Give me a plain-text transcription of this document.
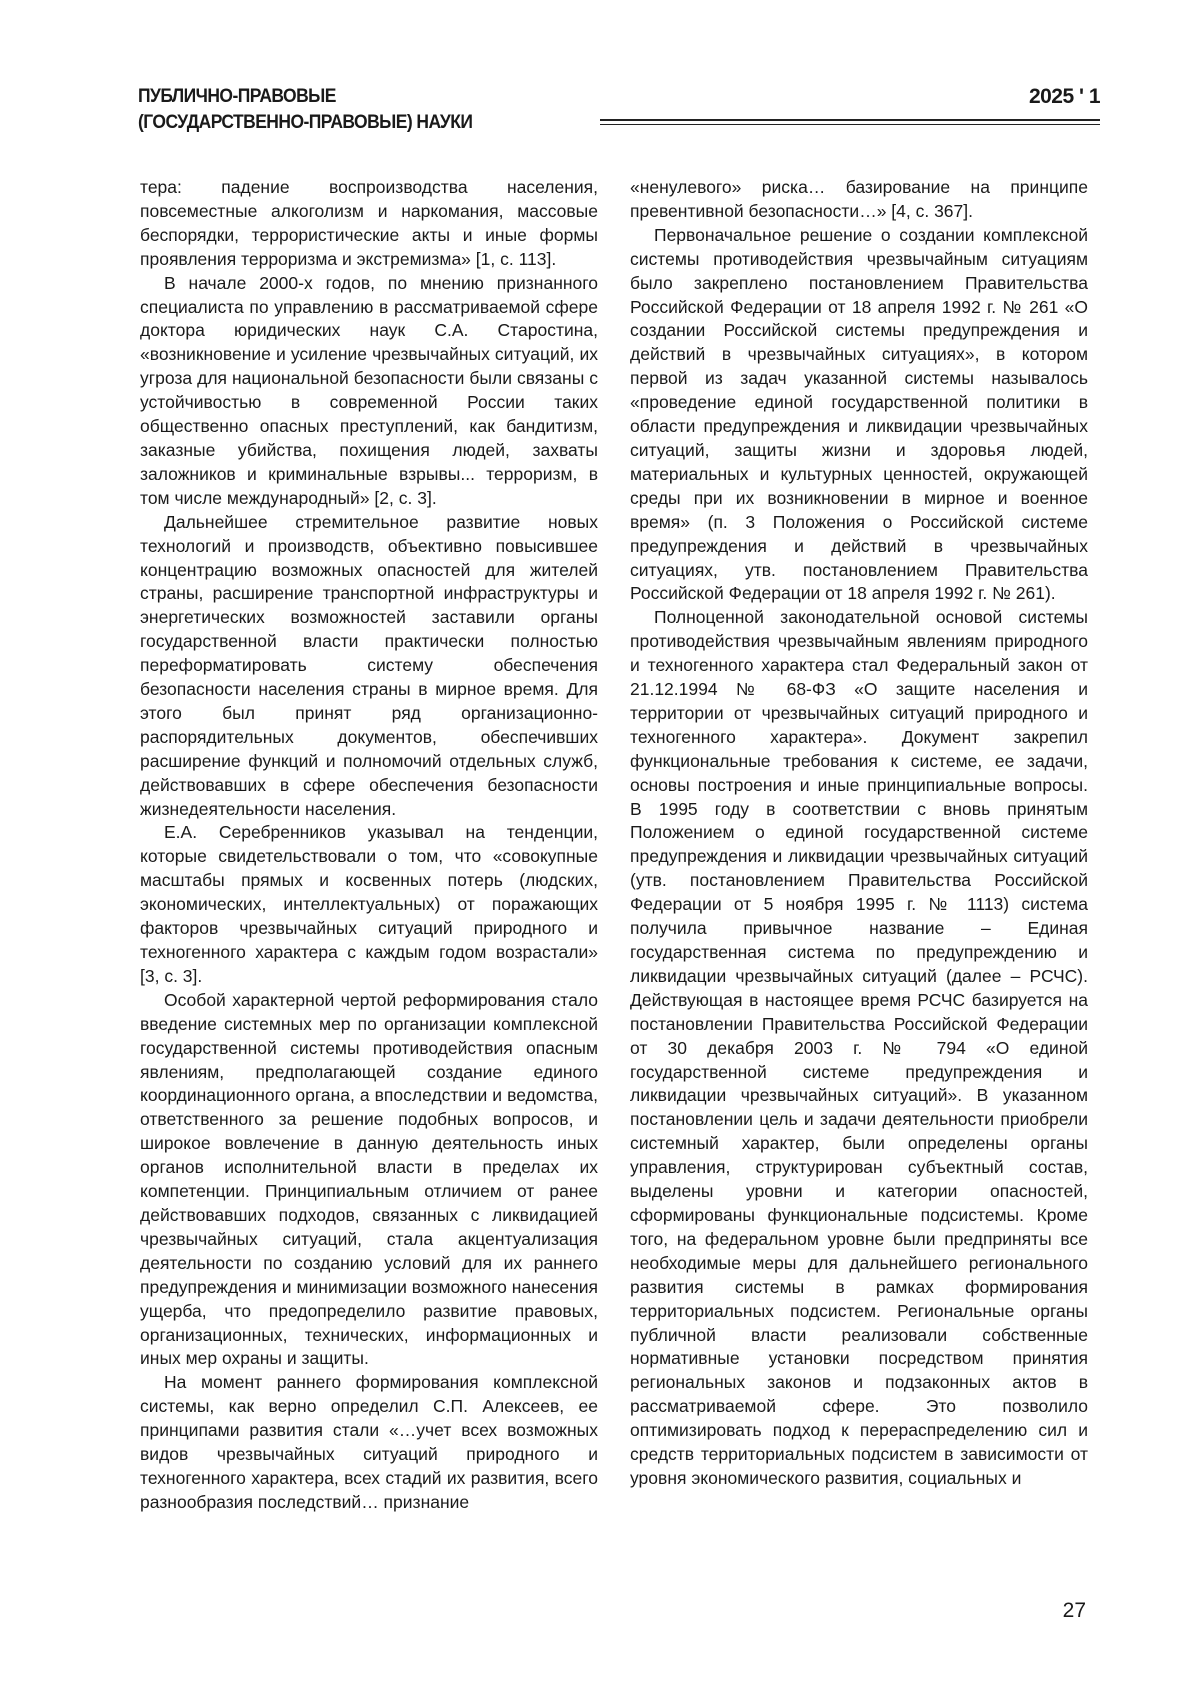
ПУБЛИЧНО-ПРАВОВЫЕ
(ГОСУДАРСТВЕННО-ПРАВОВЫЕ) НАУКИ
2025 ' 1

тера: падение воспроизводства населения, повсеместные алкоголизм и наркомания, массовые беспорядки, террористические акты и иные формы проявления терроризма и экстремизма» [1, с. 113].

В начале 2000-х годов, по мнению признанного специалиста по управлению в рассматриваемой сфере доктора юридических наук С.А. Старостина, «возникновение и усиление чрезвычайных ситуаций, их угроза для национальной безопасности были связаны с устойчивостью в современной России таких общественно опасных преступлений, как бандитизм, заказные убийства, похищения людей, захваты заложников и криминальные взрывы... терроризм, в том числе международный» [2, с. 3].

Дальнейшее стремительное развитие новых технологий и производств, объективно повысившее концентрацию возможных опасностей для жителей страны, расширение транспортной инфраструктуры и энергетических возможностей заставили органы государственной власти практически полностью переформатировать систему обеспечения безопасности населения страны в мирное время. Для этого был принят ряд организационно-распорядительных документов, обеспечивших расширение функций и полномочий отдельных служб, действовавших в сфере обеспечения безопасности жизнедеятельности населения.

Е.А. Серебренников указывал на тенденции, которые свидетельствовали о том, что «совокупные масштабы прямых и косвенных потерь (людских, экономических, интеллектуальных) от поражающих факторов чрезвычайных ситуаций природного и техногенного характера с каждым годом возрастали» [3, с. 3].

Особой характерной чертой реформирования стало введение системных мер по организации комплексной государственной системы противодействия опасным явлениям, предполагающей создание единого координационного органа, а впоследствии и ведомства, ответственного за решение подобных вопросов, и широкое вовлечение в данную деятельность иных органов исполнительной власти в пределах их компетенции. Принципиальным отличием от ранее действовавших подходов, связанных с ликвидацией чрезвычайных ситуаций, стала акцентуализация деятельности по созданию условий для их раннего предупреждения и минимизации возможного нанесения ущерба, что предопределило развитие правовых, организационных, технических, информационных и иных мер охраны и защиты.

На момент раннего формирования комплексной системы, как верно определил С.П. Алексеев, ее принципами развития стали «…учет всех возможных видов чрезвычайных ситуаций природного и техногенного характера, всех стадий их развития, всего разнообразия последствий… признание

«ненулевого» риска… базирование на принципе превентивной безопасности…» [4, с. 367].

Первоначальное решение о создании комплексной системы противодействия чрезвычайным ситуациям было закреплено постановлением Правительства Российской Федерации от 18 апреля 1992 г. № 261 «О создании Российской системы предупреждения и действий в чрезвычайных ситуациях», в котором первой из задач указанной системы называлось «проведение единой государственной политики в области предупреждения и ликвидации чрезвычайных ситуаций, защиты жизни и здоровья людей, материальных и культурных ценностей, окружающей среды при их возникновении в мирное и военное время» (п. 3 Положения о Российской системе предупреждения и действий в чрезвычайных ситуациях, утв. постановлением Правительства Российской Федерации от 18 апреля 1992 г. № 261).

Полноценной законодательной основой системы противодействия чрезвычайным явлениям природного и техногенного характера стал Федеральный закон от 21.12.1994 № 68-ФЗ «О защите населения и территории от чрезвычайных ситуаций природного и техногенного характера». Документ закрепил функциональные требования к системе, ее задачи, основы построения и иные принципиальные вопросы. В 1995 году в соответствии с вновь принятым Положением о единой государственной системе предупреждения и ликвидации чрезвычайных ситуаций (утв. постановлением Правительства Российской Федерации от 5 ноября 1995 г. № 1113) система получила привычное название – Единая государственная система по предупреждению и ликвидации чрезвычайных ситуаций (далее – РСЧС). Действующая в настоящее время РСЧС базируется на постановлении Правительства Российской Федерации от 30 декабря 2003 г. № 794 «О единой государственной системе предупреждения и ликвидации чрезвычайных ситуаций». В указанном постановлении цель и задачи деятельности приобрели системный характер, были определены органы управления, структурирован субъектный состав, выделены уровни и категории опасностей, сформированы функциональные подсистемы. Кроме того, на федеральном уровне были предприняты все необходимые меры для дальнейшего регионального развития системы в рамках формирования территориальных подсистем. Региональные органы публичной власти реализовали собственные нормативные установки посредством принятия региональных законов и подзаконных актов в рассматриваемой сфере. Это позволило оптимизировать подход к перераспределению сил и средств территориальных подсистем в зависимости от уровня экономического развития, социальных и

27
